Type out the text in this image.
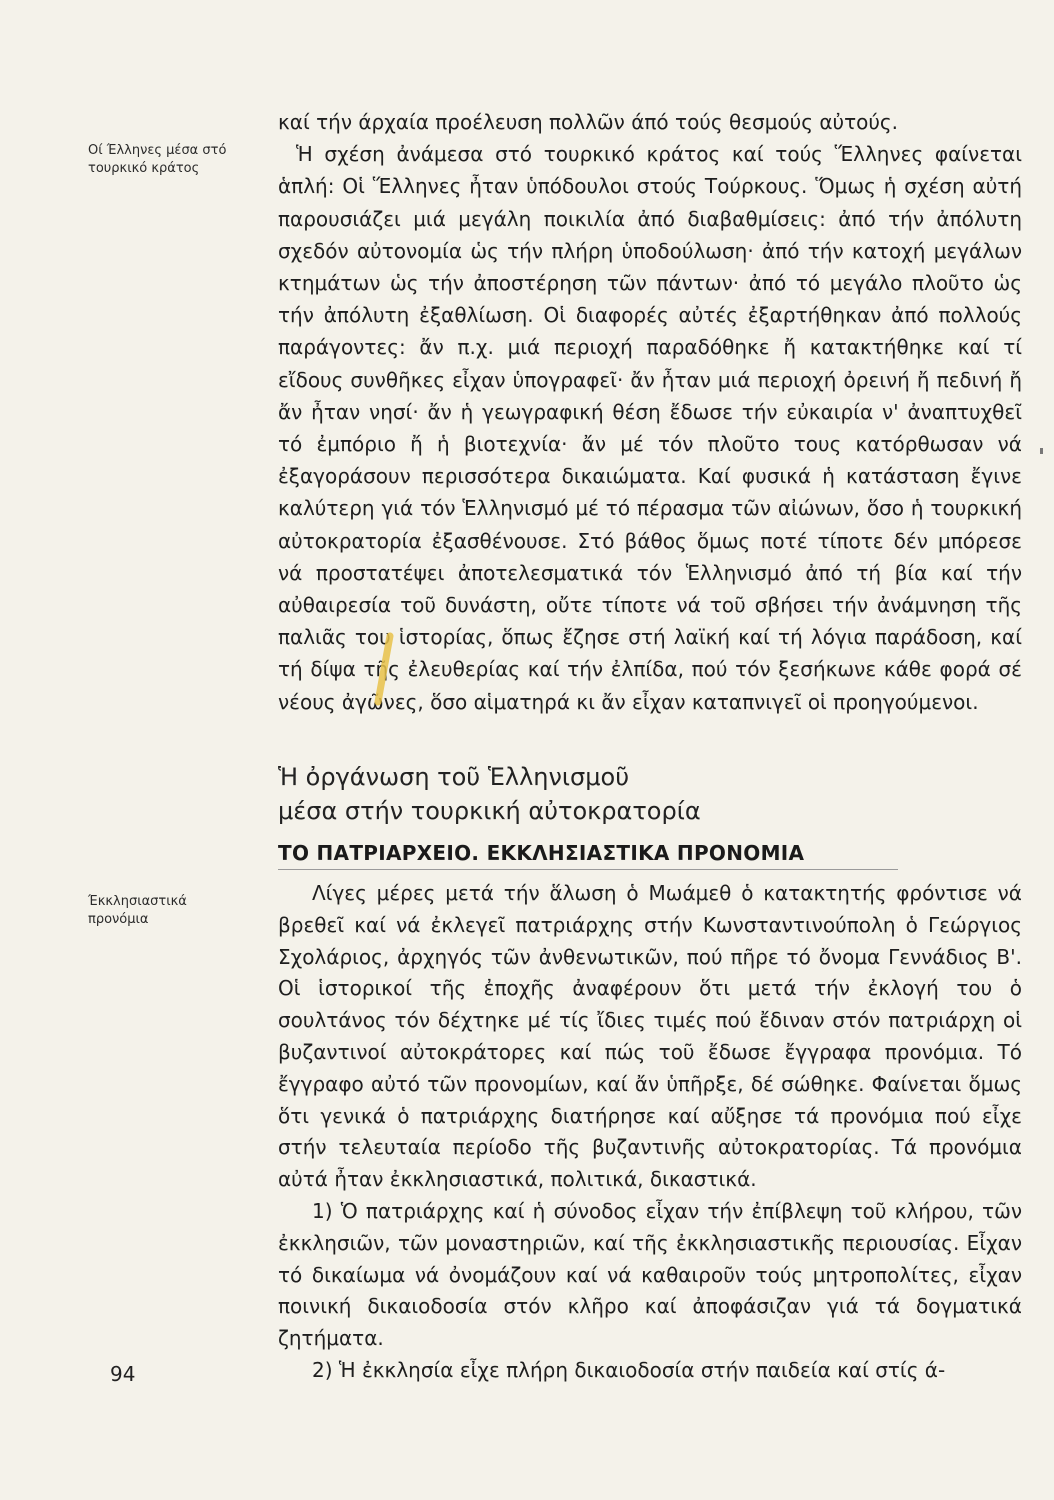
Οί Έλληνες μέσα στό τουρκικό κράτος

καί τήν άρχαία προέλευση πολλῶν άπό τούς θεσμούς αὐτούς.

Ἡ σχέση ἀνάμεσα στό τουρκικό κράτος καί τούς Ἕλληνες φαίνεται ἁπλή: Οἱ Ἕλληνες ἦταν ὑπόδουλοι στούς Τούρκους. Ὅμως ἡ σχέση αὐτή παρουσιάζει μιά μεγάλη ποικιλία ἀπό διαβαθμίσεις: ἀπό τήν ἀπόλυτη σχεδόν αὐτονομία ὡς τήν πλήρη ὑποδούλωση· ἀπό τήν κατοχή μεγάλων κτημάτων ὡς τήν ἀποστέρηση τῶν πάντων· ἀπό τό μεγάλο πλοῦτο ὡς τήν ἀπόλυτη ἐξαθλίωση. Οἱ διαφορές αὐτές ἐξαρτήθηκαν ἀπό πολλούς παράγοντες: ἄν π.χ. μιά περιοχή παραδόθηκε ἤ κατακτήθηκε καί τί εἴδους συνθῆκες εἶχαν ὑπογραφεῖ· ἄν ἦταν μιά περιοχή ὀρεινή ἤ πεδινή ἤ ἄν ἦταν νησί· ἄν ἡ γεωγραφική θέση ἔδωσε τήν εὐκαιρία ν' ἀναπτυχθεῖ τό ἐμπόριο ἤ ἡ βιοτεχνία· ἄν μέ τόν πλοῦτο τους κατόρθωσαν νά ἐξαγοράσουν περισσότερα δικαιώματα. Καί φυσικά ἡ κατάσταση ἔγινε καλύτερη γιά τόν Ἑλληνισμό μέ τό πέρασμα τῶν αἰώνων, ὅσο ἡ τουρκική αὐτοκρατορία ἐξασθένουσε. Στό βάθος ὅμως ποτέ τίποτε δέν μπόρεσε νά προστατέψει ἀποτελεσματικά τόν Ἑλληνισμό ἀπό τή βία καί τήν αὐθαιρεσία τοῦ δυνάστη, οὔτε τίποτε νά τοῦ σβήσει τήν ἀνάμνηση τῆς παλιᾶς του ἱστορίας, ὅπως ἔζησε στή λαϊκή καί τή λόγια παράδοση, καί τή δίψα τῆς ἐλευθερίας καί τήν ἐλπίδα, πού τόν ξεσήκωνε κάθε φορά σέ νέους ἀγῶνες, ὅσο αἱματηρά κι ἄν εἶχαν καταπνιγεῖ οἱ προηγούμενοι.

Ἡ ὀργάνωση τοῦ Ἑλληνισμοῦ
μέσα στήν τουρκική αὐτοκρατορία
ΤΟ ΠΑΤΡΙΑΡΧΕΙΟ. ΕΚΚΛΗΣΙΑΣΤΙΚΑ ΠΡΟΝΟΜΙΑ
Έκκλησιαστικά προνόμια

Λίγες μέρες μετά τήν ἅλωση ὁ Μωάμεθ ὁ κατακτητής φρόντισε νά βρεθεῖ καί νά ἐκλεγεῖ πατριάρχης στήν Κωνσταντινούπολη ὁ Γεώργιος Σχολάριος, ἀρχηγός τῶν ἀνθενωτικῶν, πού πῆρε τό ὄνομα Γεννάδιος Β'. Οἱ ἱστορικοί τῆς ἐποχῆς ἀναφέρουν ὅτι μετά τήν ἐκλογή του ὁ σουλτάνος τόν δέχτηκε μέ τίς ἴδιες τιμές πού ἔδιναν στόν πατριάρχη οἱ βυζαντινοί αὐτοκράτορες καί πώς τοῦ ἔδωσε ἔγγραφα προνόμια. Τό ἔγγραφο αὐτό τῶν προνομίων, καί ἄν ὑπῆρξε, δέ σώθηκε. Φαίνεται ὅμως ὅτι γενικά ὁ πατριάρχης διατήρησε καί αὔξησε τά προνόμια πού εἶχε στήν τελευταία περίοδο τῆς βυζαντινῆς αὐτοκρατορίας. Τά προνόμια αὐτά ἦταν ἐκκλησιαστικά, πολιτικά, δικαστικά.

1) Ὁ πατριάρχης καί ἡ σύνοδος εἶχαν τήν ἐπίβλεψη τοῦ κλήρου, τῶν ἐκκλησιῶν, τῶν μοναστηριῶν, καί τῆς ἐκκλησιαστικῆς περιουσίας. Εἶχαν τό δικαίωμα νά ὀνομάζουν καί νά καθαιροῦν τούς μητροπολίτες, εἶχαν ποινική δικαιοδοσία στόν κλῆρο καί ἀποφάσιζαν γιά τά δογματικά ζητήματα.

2) Ἡ ἐκκλησία εἶχε πλήρη δικαιοδοσία στήν παιδεία καί στίς ά-

94
